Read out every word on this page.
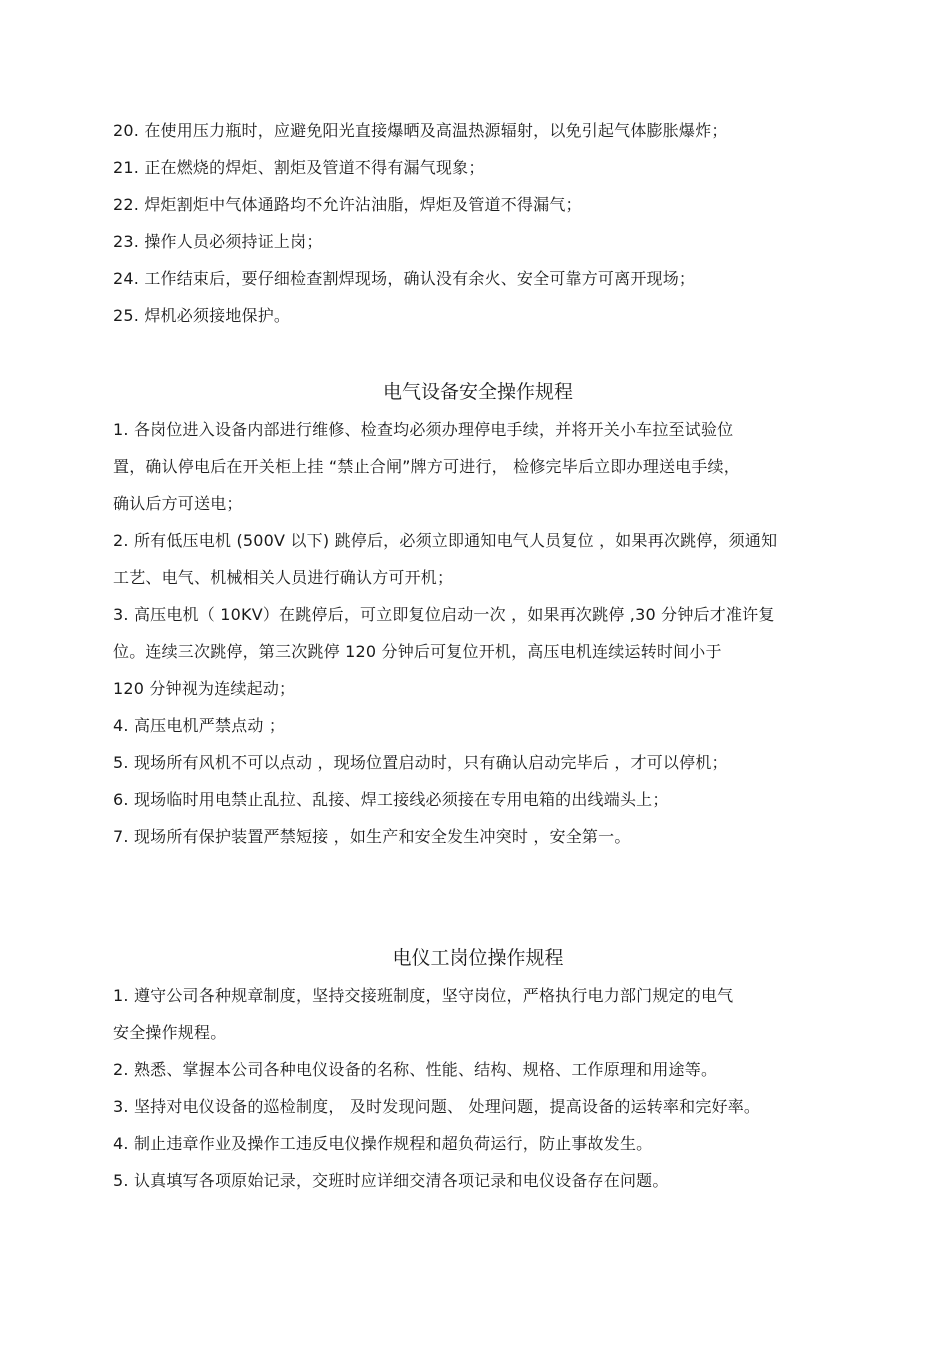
20. 在使用压力瓶时，应避免阳光直接爆晒及高温热源辐射，以免引起气体膨胀爆炸；
21. 正在燃烧的焊炬、割炬及管道不得有漏气现象；
22. 焊炬割炬中气体通路均不允许沾油脂，焊炬及管道不得漏气；
23. 操作人员必须持证上岗；
24. 工作结束后，要仔细检查割焊现场，确认没有余火、安全可靠方可离开现场；
25. 焊机必须接地保护。
电气设备安全操作规程
1. 各岗位进入设备内部进行维修、检查均必须办理停电手续，并将开关小车拉至试验位
置，确认停电后在开关柜上挂 “禁止合闸”牌方可进行， 检修完毕后立即办理送电手续，
确认后方可送电；
2. 所有低压电机 (500V 以下) 跳停后，必须立即通知电气人员复位 ，如果再次跳停，须通知
工艺、电气、机械相关人员进行确认方可开机；
3. 高压电机（ 10KV）在跳停后，可立即复位启动一次 ，如果再次跳停 ,30 分钟后才准许复
位。连续三次跳停，第三次跳停 120 分钟后可复位开机，高压电机连续运转时间小于
120 分钟视为连续起动；
4. 高压电机严禁点动 ；
5. 现场所有风机不可以点动 ，现场位置启动时，只有确认启动完毕后 ，才可以停机；
6. 现场临时用电禁止乱拉、乱接、焊工接线必须接在专用电箱的出线端头上；
7. 现场所有保护装置严禁短接 ，如生产和安全发生冲突时 ，安全第一。
电仪工岗位操作规程
1. 遵守公司各种规章制度，坚持交接班制度，坚守岗位，严格执行电力部门规定的电气
安全操作规程。
2. 熟悉、掌握本公司各种电仪设备的名称、性能、结构、规格、工作原理和用途等。
3. 坚持对电仪设备的巡检制度， 及时发现问题、 处理问题，提高设备的运转率和完好率。
4. 制止违章作业及操作工违反电仪操作规程和超负荷运行，防止事故发生。
5. 认真填写各项原始记录，交班时应详细交清各项记录和电仪设备存在问题。
